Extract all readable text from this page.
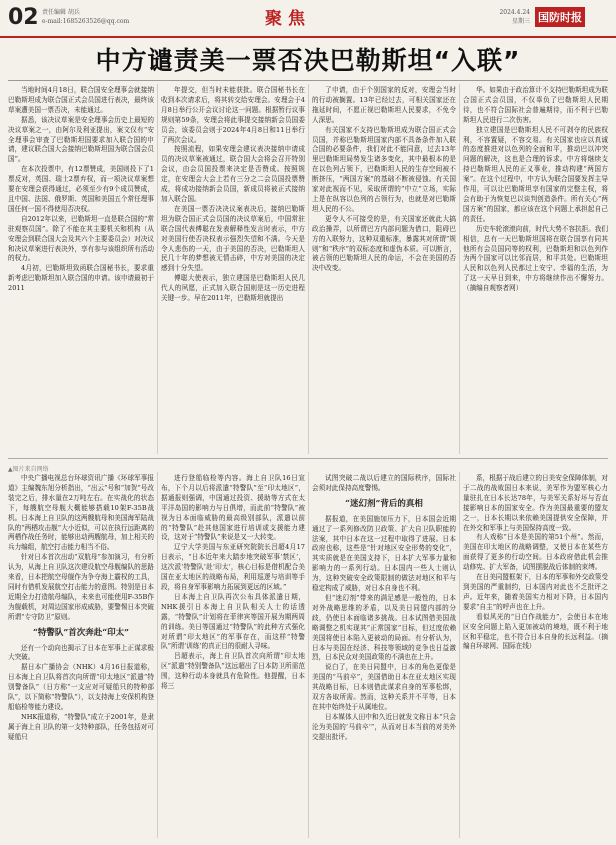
02 责任编辑 胡兵
e-mail:1685263526@qq.com	聚焦	2024.4.24
星期三 国防时报
中方谴责美一票否决巴勒斯坦“入联”

当地时间4月18日，联合国安全理事会就接纳巴勒斯坦成为联合国正式会员国进行表决，最终该草案遭美国一票否决，未能通过。

据悉，该决议草案是安全理事会历史上最短的决议草案之一，由阿尔及利亚提出，案文仅有“安全理事会审查了巴勒斯坦国要求加入联合国的申请，建议联合国大会接纳巴勒斯坦国为联合国会员国”。

在本次投票中，有12票赞成，美国则投下了1票反对，英国、瑞士2票弃权，而一项决议草案想要在安理会获得通过，必须至少有9个成员赞成，且中国、法国、俄罗斯、英国和美国五个常任理事国任何一国不得使用否决权。

自2012年以来，巴勒斯坦一直是联合国的“常驻观察员国”。除了不能在其主要机关和机构（从安理会到联合国大会及其六个主要委员会）对决议和决议草案进行表决外，享有参与该组织所有活动的权力。

4月初，巴勒斯坦致函联合国秘书长，要求重新考虑巴勒斯坦加入联合国的申请。该申请最初于2011

年提交，但当时未能获批。联合国秘书长在收到本次请求后，将其转交给安理会。安理会于4月8日举行公开会议讨论这一问题。根据暂行议事规则第59条，安理会将此事提交接纳新会员国委员会，该委员会则于2024年4月8日和11日举行了两次会议。

按照流程，如果安理会建议表决接纳申请成员的决议草案被通过，联合国大会将会召开特别会议，由会员国投票来决定是否赞成。按照规定，在安理会大会上若有三分之二会员国投票赞成，将成功接纳新会员国，新成员将被正式接纳加入联合国。

在美国一票否决决议案表决后，接纳巴勒斯坦为联合国正式会员国的决议草案后，中国常驻联合国代表傅聪在发表解释性发言时表示，中方对美国行使否决权表示强烈失望和不满。今天是令人悲伤的一天，由于美国的否决，巴勒斯坦人民几十年的梦想被无情击碎，中方对美国的决定感到十分失望。

傅聪大使表示，独立建国是巴勒斯坦人民几代人的夙愿，正式加入联合国则是这一历史进程关键一步。早在2011年，巴勒斯坦就提出

了申请，由于个别国家的反对，安理会当时的行动被搁置。13年已经过去，可相关国家还在拖延时间，不愿正视巴勒斯坦人民要求，不免令人深思。

有关国家不支持巴勒斯坦成为联合国正式会员国，并称巴勒斯坦国家内部不具备条件加入联合国的必要条件，我们对此不能同意，过去13年里巴勒斯坦局势发生诸多变化，其中最根本的是在以色列占领下，巴勒斯坦人民的生存空间被不断挤压，“两国方案”的基础不断被侵蚀。有关国家对此视而不见，采取所谓的“中立”立场，实际上是在纵容以色列的占领行为，也就是对巴勒斯坦人民的不公。

更令人不可接受的是，有关国家还就此大搞政治操弄，以所谓巴方内部问题为借口，阻碍巴方的入联努力，这种双重标准，暴露其对所谓“规则”和“秩序”的双标态度和虚伪本质。可以断言，被占领的巴勒斯坦人民的命运，不会在美国的否决中改变。

华。如果由于政治算计不支持巴勒斯坦成为联合国正式会员国，不仅辜负了巴勒斯坦人民期待，也不符合国际社会普遍期待，而不利于巴勒斯坦人民进行二次伤害。

独立建国是巴勒斯坦人民不可剥夺的民族权利，不容置疑，不容交易。有关国家也应以真诚的态度推进对以色列的全面和平，推动巴以冲突问题的解决，这也是合理的诉求。中方将继续支持巴勒斯坦人民的正义事业，推动构建“两国方案”。在这个过程中，中方认为联合国要发挥主导作用，可以让巴勒斯坦享有国家的完整主权，将会有助于为恢复巴以谈判创造条件。所有关心“两国方案”的国家，都应该在这个问题上承担起自己的责任。

历史车轮滚滚向前，时代大势不容抗拒。我们相信，总有一天巴勒斯坦国将在联合国享有同其他所有会员国同等的权利，巴勒斯坦和以色列作为两个国家可以比邻而居，和平共处。巴勒斯坦人民和以色列人民都过上安宁、幸福的生活，为了这一天早日到来，中方将继续作出不懈努力。（摘编自观察者网）

▲图片来自网络

中央广播电视总台环球资讯广播《环球军事报道》主编魏东旭分析指出，“出云”号和“加贺”号改装完之后，排水量在2万吨左右。在实战化的状态下，每艘航空母舰大概能够搭载10架F-35B战机。日本海上自卫队的这两艘航母和美国海军陆战队的“两栖攻击舰”大小近似，可以在执行远距离的两栖作战任务时，能够出动两艘航母，加上相关的兵力编组，航空打击能力相当不俗。

针对日本首次出动“双航母”参加演习，有分析认为，从海上自卫队这次建设航空母舰编队的思路来看，日本把航空母舰作为争夺海上霸权的工具，同时有借机发展航空打击能力的意图。特别是日本近期全力打造航母编队，未来也可能使用F-35B作为舰载机，对周边国家形成威胁，要警惕日本突破所谓“专守防卫”原则。

“特警队”首次奔赴“印太”

还有一个动向也揭示了日本在军事上正谋求极大突破。

据日本广播协会（NHK）4月16日报道称，日本海上自卫队将首次向所谓“印太地区”派遣“特别警备队”（日方称“一支应对可疑船只的特种部队”，以下简称“特警队”），以支持海上安保机构登船临检等能力建设。

NHK报道称，“特警队”成立于2001年，是隶属于海上自卫队的第一支特种部队，任务包括对可疑船只

进行登船临检等内容。海上自卫队16日宣布，下个月以后将派遣“特警队”至“印太地区”，据通报则强调，中国通过投资、援助等方式在太平洋岛国的影响力与日俱增，而此前“特警队”被视为日本面临威胁的最高级别部队，派遣以前的“特警队”赴其他国家进行培训或支援能力建设，这对于“特警队”来说是又一大转变。

辽宁大学美国与东亚研究院院长吕超4月17日表示，“日本近年来大踏步地突破军事‘禁区’，这次派‘特警队’赴‘印太’，核心目标是借机配合美国在亚太地区的战略布局，利用巡逻与培训等手段，将自身军事影响力拓展到更远的区域。”

日本海上自卫队再次公布具体派遣日期，NHK援引日本海上自卫队相关人士的话透露，“特警队”计划将在菲律宾等国开展为期两周的训练。美日等国通过“特警队”的此种方式强化对所谓“印太地区”的军事存在，而这样“特警队”所谓‘训练’的真正目的很耐人寻味。

吕超表示，海上自卫队首次向所谓“印太地区”派遣“特别警备队”这远超出了日本防卫所需范围，这种行动本身就具有危险性。他提醒，日本将三

试图突破二战以后建立的国际秩序，国际社会须对此保持高度警惕。

“迷幻剂”背后的真相

据报道，在美国施加压力下，日本国会近期通过了一系列修改防卫政策、扩大自卫队职能的法案，其中日本在这一过程中取得了进展。日本政府也称，这些是“针对地区安全形势的变化”，其实质就是在美国支持下，日本扩大军事力量和影响力的一系列行动。日本国内一些人士则认为，这种突破安全政策限制的做法对地区和平与稳定构成了威胁，对日本自身也不利。

但“迷幻剂”带来的满足感是一般性的，日本对外战略思维的矛盾，以及美日同盟内部的分歧，仍使日本面临诸多挑战。日本试图借美国战略调整之机实现其“正常国家”目标，但过度依赖美国将使日本陷入更被动的局面。有分析认为，日本与美国在经济、科技等领域的竞争也日益激烈，日本民众对美国政策的不满也在上升。

说白了，在美日同盟中，日本的角色更像是美国的“马前卒”，美国借助日本在亚太地区实现其战略目标，日本则借此谋求自身的军事松绑，双方各取所需。然而，这种关系并不平等，日本在其中始终处于从属地位。

日本媒体人田中和久近日就发文称日本“只会沦为美国的‘马前卒’”，从而对日本当前的对美外交提出批评。

系，根据于战后建立的日美安全保障体制，对于二战的战败国日本来说，美军作为盟军核心力量驻扎在日本长达78年，与美军关系好坏与否直接影响日本的国家安全。作为美国最重要的盟友之一，日本长期以来依赖美国提供安全保障，并在外交和军事上与美国保持高度一致。

有人戏称“日本是美国的第51个州”。然而，美国在印太地区的战略调整，又使日本在某些方面获得了更多的行动空间。日本政府借此机会推动修宪、扩大军备，试图摆脱战后体制的束缚。

在日美同盟框架下，日本的军事和外交政策受到美国的严重制约，日本国内对此也不乏批评之声。近年来，随着美国实力相对下降，日本国内要求“自主”的呼声也在上升。

看似风光的“日白作战能力”，会使日本在地区安全问题上陷入更加被动的境地，既不利于地区和平稳定，也不符合日本自身的长远利益。（摘编自环球网、国际在线）
